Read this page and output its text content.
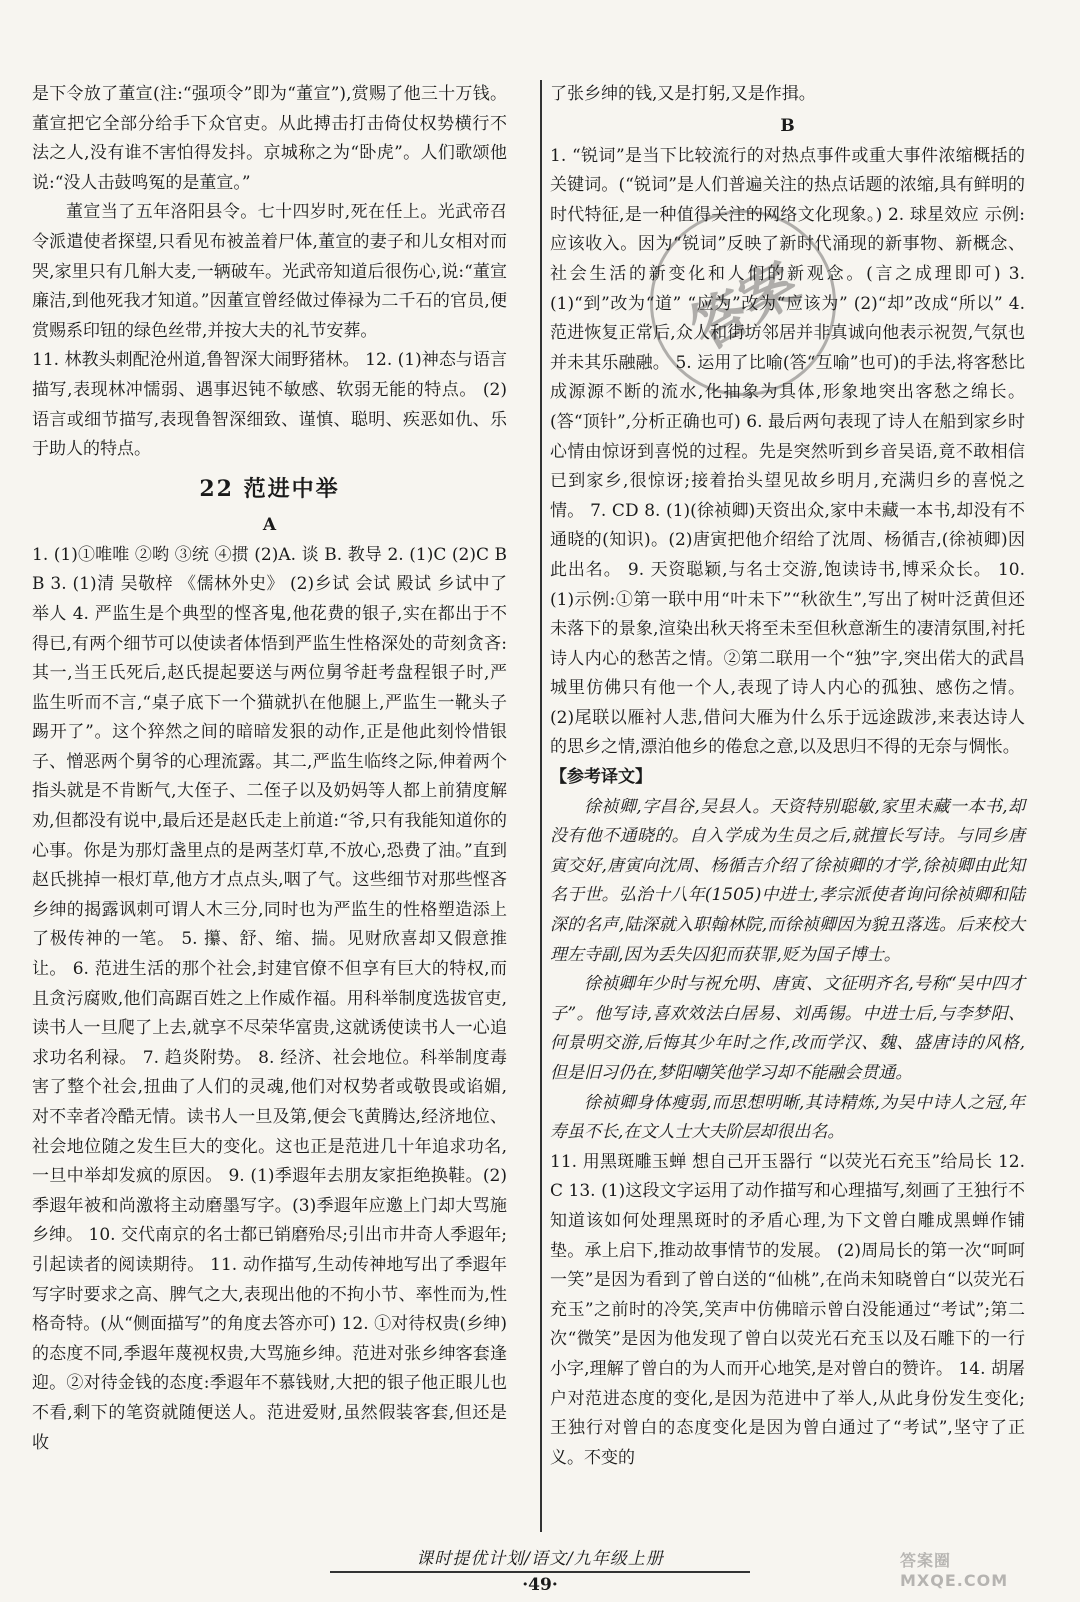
是下令放了董宣(注:“强项令”即为“董宣”),赏赐了他三十万钱。董宣把它全部分给手下众官吏。从此搏击打击倚仗权势横行不法之人,没有谁不害怕得发抖。京城称之为“卧虎”。人们歌颂他说:“没人击鼓鸣冤的是董宣。”

董宣当了五年洛阳县令。七十四岁时,死在任上。光武帝召令派遣使者探望,只看见布被盖着尸体,董宣的妻子和儿女相对而哭,家里只有几斛大麦,一辆破车。光武帝知道后很伤心,说:“董宣廉洁,到他死我才知道。”因董宣曾经做过俸禄为二千石的官员,便赏赐系印钮的绿色丝带,并按大夫的礼节安葬。

11. 林教头刺配沧州道,鲁智深大闹野猪林。 12. (1)神态与语言描写,表现林冲懦弱、遇事迟钝不敏感、软弱无能的特点。 (2)语言或细节描写,表现鲁智深细致、谨慎、聪明、疾恶如仇、乐于助人的特点。

22 范进中举

A

1. (1)①唯唯 ②哟 ③统 ④掼 (2)A. 谈 B. 教导 2. (1)C (2)C B B 3. (1)清 吴敬梓 《儒林外史》 (2)乡试 会试 殿试 乡试中了举人 4. 严监生是个典型的悭吝鬼,他花费的银子,实在都出于不得已,有两个细节可以使读者体悟到严监生性格深处的苛刻贪吝:其一,当王氏死后,赵氏提起要送与两位舅爷赶考盘程银子时,严监生听而不言,“桌子底下一个猫就扒在他腿上,严监生一靴头子踢开了”。这个猝然之间的暗暗发狠的动作,正是他此刻怜惜银子、憎恶两个舅爷的心理流露。其二,严监生临终之际,伸着两个指头就是不肯断气,大侄子、二侄子以及奶妈等人都上前猜度解劝,但都没有说中,最后还是赵氏走上前道:“爷,只有我能知道你的心事。你是为那灯盏里点的是两茎灯草,不放心,恐费了油。”直到赵氏挑掉一根灯草,他方才点点头,咽了气。这些细节对那些悭吝乡绅的揭露讽刺可谓人木三分,同时也为严监生的性格塑造添上了极传神的一笔。 5. 攥、舒、缩、揣。见财欣喜却又假意推让。 6. 范进生活的那个社会,封建官僚不但享有巨大的特权,而且贪污腐败,他们高踞百姓之上作威作福。用科举制度选拔官吏,读书人一旦爬了上去,就享不尽荣华富贵,这就诱使读书人一心追求功名利禄。 7. 趋炎附势。 8. 经济、社会地位。科举制度毒害了整个社会,扭曲了人们的灵魂,他们对权势者或敬畏或谄媚,对不幸者冷酷无情。读书人一旦及第,便会飞黄腾达,经济地位、社会地位随之发生巨大的变化。这也正是范进几十年追求功名,一旦中举却发疯的原因。 9. (1)季遐年去朋友家拒绝换鞋。(2)季遐年被和尚激将主动磨墨写字。(3)季遐年应邀上门却大骂施乡绅。 10. 交代南京的名士都已销磨殆尽;引出市井奇人季遐年;引起读者的阅读期待。 11. 动作描写,生动传神地写出了季遐年写字时要求之高、脾气之大,表现出他的不拘小节、率性而为,性格奇特。(从“侧面描写”的角度去答亦可) 12. ①对待权贵(乡绅)的态度不同,季遐年蔑视权贵,大骂施乡绅。范进对张乡绅客套逢迎。②对待金钱的态度:季遐年不慕钱财,大把的银子他正眼儿也不看,剩下的笔资就随便送人。范进爱财,虽然假装客套,但还是收

了张乡绅的钱,又是打躬,又是作揖。

B

1. “锐词”是当下比较流行的对热点事件或重大事件浓缩概括的关键词。(“锐词”是人们普遍关注的热点话题的浓缩,具有鲜明的时代特征,是一种值得关注的网络文化现象。) 2. 球星效应 示例:应该收入。因为“锐词”反映了新时代涌现的新事物、新概念、社会生活的新变化和人们的新观念。(言之成理即可) 3. (1)“到”改为“道” “应为”改为“应该为” (2)“却”改成“所以” 4. 范进恢复正常后,众人和街坊邻居并非真诚向他表示祝贺,气氛也并未其乐融融。 5. 运用了比喻(答“互喻”也可)的手法,将客愁比成源源不断的流水,化抽象为具体,形象地突出客愁之绵长。(答“顶针”,分析正确也可) 6. 最后两句表现了诗人在船到家乡时心情由惊讶到喜悦的过程。先是突然听到乡音吴语,竟不敢相信已到家乡,很惊讶;接着抬头望见故乡明月,充满归乡的喜悦之情。 7. CD 8. (1)(徐祯卿)天资出众,家中未藏一本书,却没有不通晓的(知识)。(2)唐寅把他介绍给了沈周、杨循吉,(徐祯卿)因此出名。 9. 天资聪颖,与名士交游,饱读诗书,博采众长。 10. (1)示例:①第一联中用“叶未下”“秋欲生”,写出了树叶泛黄但还未落下的景象,渲染出秋天将至未至但秋意渐生的凄清氛围,衬托诗人内心的愁苦之情。②第二联用一个“独”字,突出偌大的武昌城里仿佛只有他一个人,表现了诗人内心的孤独、感伤之情。 (2)尾联以雁衬人悲,借问大雁为什么乐于远途跋涉,来表达诗人的思乡之情,漂泊他乡的倦怠之意,以及思归不得的无奈与惆怅。

【参考译文】

徐祯卿,字昌谷,吴县人。天资特别聪敏,家里未藏一本书,却没有他不通晓的。自入学成为生员之后,就擅长写诗。与同乡唐寅交好,唐寅向沈周、杨循吉介绍了徐祯卿的才学,徐祯卿由此知名于世。弘治十八年(1505)中进士,孝宗派使者询问徐祯卿和陆深的名声,陆深就入职翰林院,而徐祯卿因为貌丑落选。后来校大理左寺副,因为丢失囚犯而获罪,贬为国子博士。

徐祯卿年少时与祝允明、唐寅、文征明齐名,号称“吴中四才子”。他写诗,喜欢效法白居易、刘禹锡。中进士后,与李梦阳、何景明交游,后悔其少年时之作,改而学汉、魏、盛唐诗的风格,但是旧习仍在,梦阳嘲笑他学习却不能融会贯通。

徐祯卿身体瘦弱,而思想明晰,其诗精炼,为吴中诗人之冠,年寿虽不长,在文人士大夫阶层却很出名。

11. 用黑斑雕玉蝉 想自己开玉器行 “以荧光石充玉”给局长 12. C 13. (1)这段文字运用了动作描写和心理描写,刻画了王独行不知道该如何处理黑斑时的矛盾心理,为下文曾白雕成黑蝉作铺垫。承上启下,推动故事情节的发展。 (2)周局长的第一次“呵呵一笑”是因为看到了曾白送的“仙桃”,在尚未知晓曾白“以荧光石充玉”之前时的冷笑,笑声中仿佛暗示曾白没能通过“考试”;第二次“微笑”是因为他发现了曾白以荧光石充玉以及石雕下的一行小字,理解了曾白的为人而开心地笑,是对曾白的赞许。 14. 胡屠户对范进态度的变化,是因为范进中了举人,从此身份发生变化;王独行对曾白的态度变化是因为曾白通过了“考试”,坚守了正义。不变的

答案
课时提优计划/语文/九年级上册
·49·
答案圈 MXQE.COM
